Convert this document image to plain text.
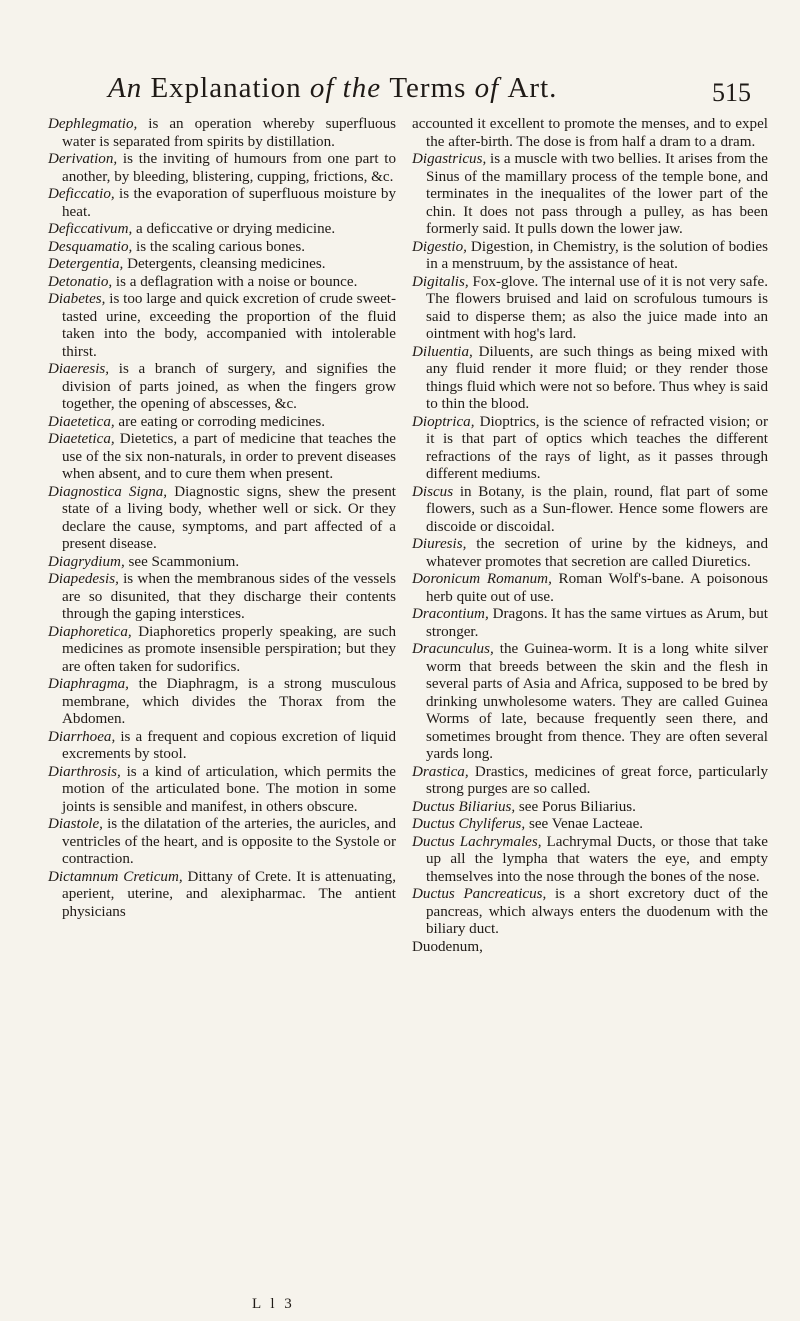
An Explanation of the Terms of Art.	515

Dephlegmatio, is an operation whereby superfluous water is separated from spirits by distillation.

Derivation, is the inviting of humours from one part to another, by bleeding, blistering, cupping, frictions, &c.

Deficcatio, is the evaporation of superfluous moisture by heat.

Deficcativum, a deficcative or drying medicine.

Desquamatio, is the scaling carious bones.

Detergentia, Detergents, cleansing medicines.

Detonatio, is a deflagration with a noise or bounce.

Diabetes, is too large and quick excretion of crude sweet-tasted urine, exceeding the proportion of the fluid taken into the body, accompanied with intolerable thirst.

Diaeresis, is a branch of surgery, and signifies the division of parts joined, as when the fingers grow together, the opening of abscesses, &c.

Diaetetica, are eating or corroding medicines.

Diaetetica, Dietetics, a part of medicine that teaches the use of the six non-naturals, in order to prevent diseases when absent, and to cure them when present.

Diagnostica Signa, Diagnostic signs, shew the present state of a living body, whether well or sick. Or they declare the cause, symptoms, and part affected of a present disease.

Diagrydium, see Scammonium.

Diapedesis, is when the membranous sides of the vessels are so disunited, that they discharge their contents through the gaping interstices.

Diaphoretica, Diaphoretics properly speaking, are such medicines as promote insensible perspiration; but they are often taken for sudorifics.

Diaphragma, the Diaphragm, is a strong musculous membrane, which divides the Thorax from the Abdomen.

Diarrhoea, is a frequent and copious excretion of liquid excrements by stool.

Diarthrosis, is a kind of articulation, which permits the motion of the articulated bone. The motion in some joints is sensible and manifest, in others obscure.

Diastole, is the dilatation of the arteries, the auricles, and ventricles of the heart, and is opposite to the Systole or contraction.

Dictamnum Creticum, Dittany of Crete. It is attenuating, aperient, uterine, and alexipharmac. The antient physicians

accounted it excellent to promote the menses, and to expel the after-birth. The dose is from half a dram to a dram.

Digastricus, is a muscle with two bellies. It arises from the Sinus of the mamillary process of the temple bone, and terminates in the inequalites of the lower part of the chin. It does not pass through a pulley, as has been formerly said. It pulls down the lower jaw.

Digestio, Digestion, in Chemistry, is the solution of bodies in a menstruum, by the assistance of heat.

Digitalis, Fox-glove. The internal use of it is not very safe. The flowers bruised and laid on scrofulous tumours is said to disperse them; as also the juice made into an ointment with hog's lard.

Diluentia, Diluents, are such things as being mixed with any fluid render it more fluid; or they render those things fluid which were not so before. Thus whey is said to thin the blood.

Dioptrica, Dioptrics, is the science of refracted vision; or it is that part of optics which teaches the different refractions of the rays of light, as it passes through different mediums.

Discus in Botany, is the plain, round, flat part of some flowers, such as a Sun-flower. Hence some flowers are discoide or discoidal.

Diuresis, the secretion of urine by the kidneys, and whatever promotes that secretion are called Diuretics.

Doronicum Romanum, Roman Wolf's-bane. A poisonous herb quite out of use.

Dracontium, Dragons. It has the same virtues as Arum, but stronger.

Dracunculus, the Guinea-worm. It is a long white silver worm that breeds between the skin and the flesh in several parts of Asia and Africa, supposed to be bred by drinking unwholesome waters. They are called Guinea Worms of late, because frequently seen there, and sometimes brought from thence. They are often several yards long.

Drastica, Drastics, medicines of great force, particularly strong purges are so called.

Ductus Biliarius, see Porus Biliarius.

Ductus Chyliferus, see Venae Lacteae.

Ductus Lachrymales, Lachrymal Ducts, or those that take up all the lympha that waters the eye, and empty themselves into the nose through the bones of the nose.

Ductus Pancreaticus, is a short excretory duct of the pancreas, which always enters the duodenum with the biliary duct.

Duodenum,

L l 3
